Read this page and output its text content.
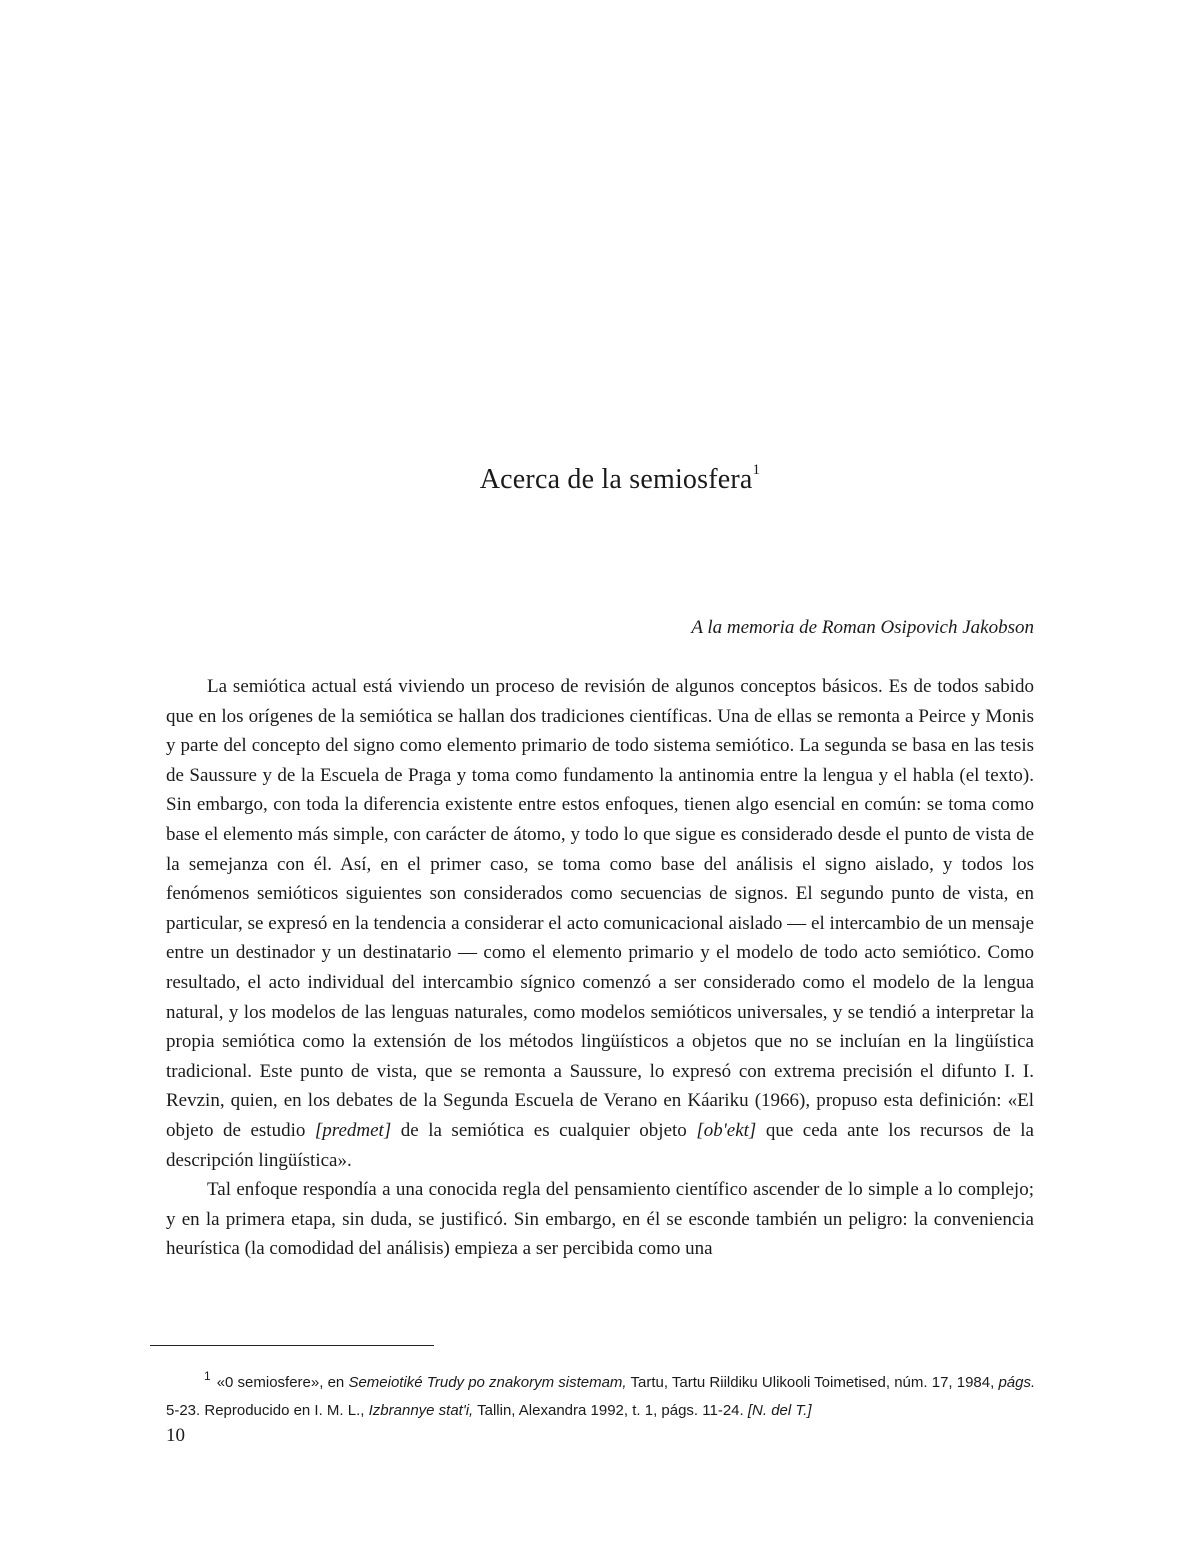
Acerca de la semiosfera$^1$
A la memoria de Roman Osipovich Jakobson

La semiótica actual está viviendo un proceso de revisión de algunos conceptos básicos. Es de todos sabido que en los orígenes de la semiótica se hallan dos tradiciones científicas. Una de ellas se remonta a Peirce y Monis y parte del concepto del signo como elemento primario de todo sistema semiótico. La segunda se basa en las tesis de Saussure y de la Escuela de Praga y toma como fundamento la antinomia entre la lengua y el habla (el texto). Sin embargo, con toda la diferencia existente entre estos enfoques, tienen algo esencial en común: se toma como base el elemento más simple, con carácter de átomo, y todo lo que sigue es considerado desde el punto de vista de la semejanza con él. Así, en el primer caso, se toma como base del análisis el signo aislado, y todos los fenómenos semióticos siguientes son considerados como secuencias de signos. El segundo punto de vista, en particular, se expresó en la tendencia a considerar el acto comunicacional aislado — el intercambio de un mensaje entre un destinador y un destinatario — como el elemento primario y el modelo de todo acto semiótico. Como resultado, el acto individual del intercambio sígnico comenzó a ser considerado como el modelo de la lengua natural, y los modelos de las lenguas naturales, como modelos semióticos universales, y se tendió a interpretar la propia semiótica como la extensión de los métodos lingüísticos a objetos que no se incluían en la lingüística tradicional. Este punto de vista, que se remonta a Saussure, lo expresó con extrema precisión el difunto I. I. Revzin, quien, en los debates de la Segunda Escuela de Verano en Káariku (1966), propuso esta definición: «El objeto de estudio [predmet] de la semiótica es cualquier objeto [ob'ekt] que ceda ante los recursos de la descripción lingüística».

Tal enfoque respondía a una conocida regla del pensamiento científico ascender de lo simple a lo complejo; y en la primera etapa, sin duda, se justificó. Sin embargo, en él se esconde también un peligro: la conveniencia heurística (la comodidad del análisis) empieza a ser percibida como una

$^1$ «0 semiosfere», en Semeiotiké Trudy po znakorym sistemam, Tartu, Tartu Riildiku Ulikooli Toimetised, núm. 17, 1984, págs. 5-23. Reproducido en I. M. L., Izbrannye stat'i, Tallin, Alexandra 1992, t. 1, págs. 11-24. [N. del T.]
10
